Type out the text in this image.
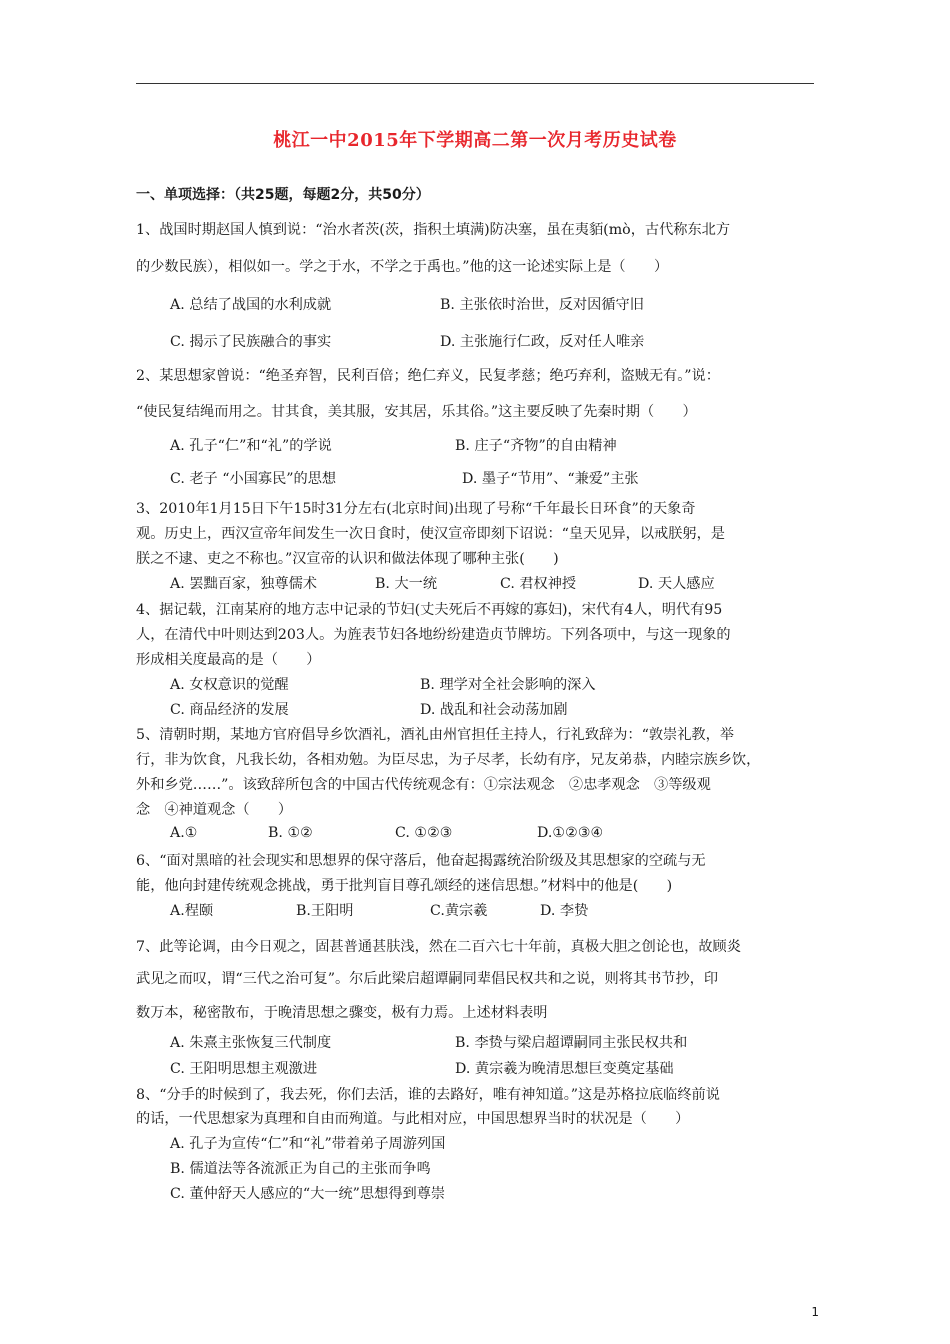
桃江一中2015年下学期高二第一次月考历史试卷
一、单项选择：（共25题，每题2分，共50分）
1、战国时期赵国人慎到说：“治水者茨(茨，指积土填满)防决塞，虽在夷貊(mò，古代称东北方
的少数民族），相似如一。学之于水，不学之于禹也。”他的这一论述实际上是（　　）
A. 总结了战国的水利成就	B. 主张依时治世，反对因循守旧
C. 揭示了民族融合的事实	D. 主张施行仁政，反对任人唯亲
2、某思想家曾说：“绝圣弃智，民利百倍；绝仁弃义，民复孝慈；绝巧弃利，盗贼无有。”说：
“使民复结绳而用之。甘其食，美其服，安其居，乐其俗。”这主要反映了先秦时期（　　）
A. 孔子“仁”和“礼”的学说	B. 庄子“齐物”的自由精神
C. 老子 “小国寡民”的思想	D. 墨子“节用”、“兼爱”主张
3、2010年1月15日下午15时31分左右(北京时间)出现了号称“千年最长日环食”的天象奇
观。历史上，西汉宣帝年间发生一次日食时，使汉宣帝即刻下诏说：“皇天见异，以戒朕躬，是
朕之不逮、吏之不称也。”汉宣帝的认识和做法体现了哪种主张(　　)
A. 罢黜百家，独尊儒术	B. 大一统	C. 君权神授	D. 天人感应
4、据记载，江南某府的地方志中记录的节妇(丈夫死后不再嫁的寡妇)，宋代有4人，明代有95
人，在清代中叶则达到203人。为旌表节妇各地纷纷建造贞节牌坊。下列各项中，与这一现象的
形成相关度最高的是（　　）
A. 女权意识的觉醒	B. 理学对全社会影响的深入
C. 商品经济的发展	D. 战乱和社会动荡加剧
5、清朝时期，某地方官府倡导乡饮酒礼，酒礼由州官担任主持人，行礼致辞为：“敦崇礼教，举
行，非为饮食，凡我长幼，各相劝勉。为臣尽忠，为子尽孝，长幼有序，兄友弟恭，内睦宗族乡饮，
外和乡党……”。该致辞所包含的中国古代传统观念有：①宗法观念　②忠孝观念　③等级观
念　④神道观念（　　）
A.①	B. ①②	C. ①②③	D.①②③④
6、“面对黑暗的社会现实和思想界的保守落后，他奋起揭露统治阶级及其思想家的空疏与无
能，他向封建传统观念挑战，勇于批判盲目尊孔颂经的迷信思想。”材料中的他是(　　)
A.程颐	B.王阳明	C.黄宗羲	D. 李贽
7、此等论调，由今日观之，固甚普通甚肤浅，然在二百六七十年前，真极大胆之创论也，故顾炎
武见之而叹，谓“三代之治可复”。尔后此梁启超谭嗣同辈倡民权共和之说，则将其书节抄，印
数万本，秘密散布，于晚清思想之骤变，极有力焉。上述材料表明
A. 朱熹主张恢复三代制度	B. 李贽与梁启超谭嗣同主张民权共和
C. 王阳明思想主观激进	D. 黄宗羲为晚清思想巨变奠定基础
8、“分手的时候到了，我去死，你们去活，谁的去路好，唯有神知道。”这是苏格拉底临终前说
的话，一代思想家为真理和自由而殉道。与此相对应，中国思想界当时的状况是（　　）
A. 孔子为宣传“仁”和“礼”带着弟子周游列国
B. 儒道法等各流派正为自己的主张而争鸣
C. 董仲舒天人感应的“大一统”思想得到尊崇
1
